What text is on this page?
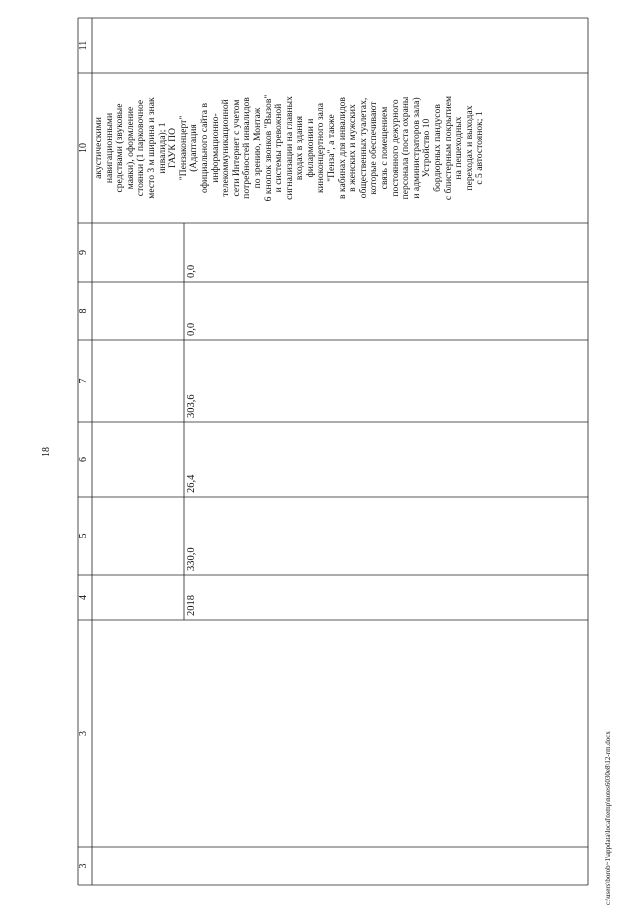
18
11
10
9
8
7
6
5
4
3
3
2018
330,0
26,4
303,6
0,0
0,0
акустическими навигационными средствами (звуковые маяки), оформление стоянки (1 парковочное место 3 м ширина и знак инвалида); 1 ГАУК ПО "Пензаконцерт" (Адаптация официального сайта в информационно- телекоммуникационной сети Интернет с учетом потребностей инвалидов по зрению, Монтаж 6 кнопок звонков "Вызов" и системы тревожной сигнализации на главных входах в здания филармонии и киноконцертного зала "Пенза", а также в кабинах для инвалидов в женских и мужских общественных туалетах, которые обеспечивают связь с помещением постоянного дежурного персонала (поста охраны и администраторов зала) Устройство 10 бордюрных пандусов с блистерным покрытием на пешеходных переходах и выходах с 5 автостоянок; 1
c:\users\borob~1\appdata\local\temp\notes6030e8\12-rm.docx
